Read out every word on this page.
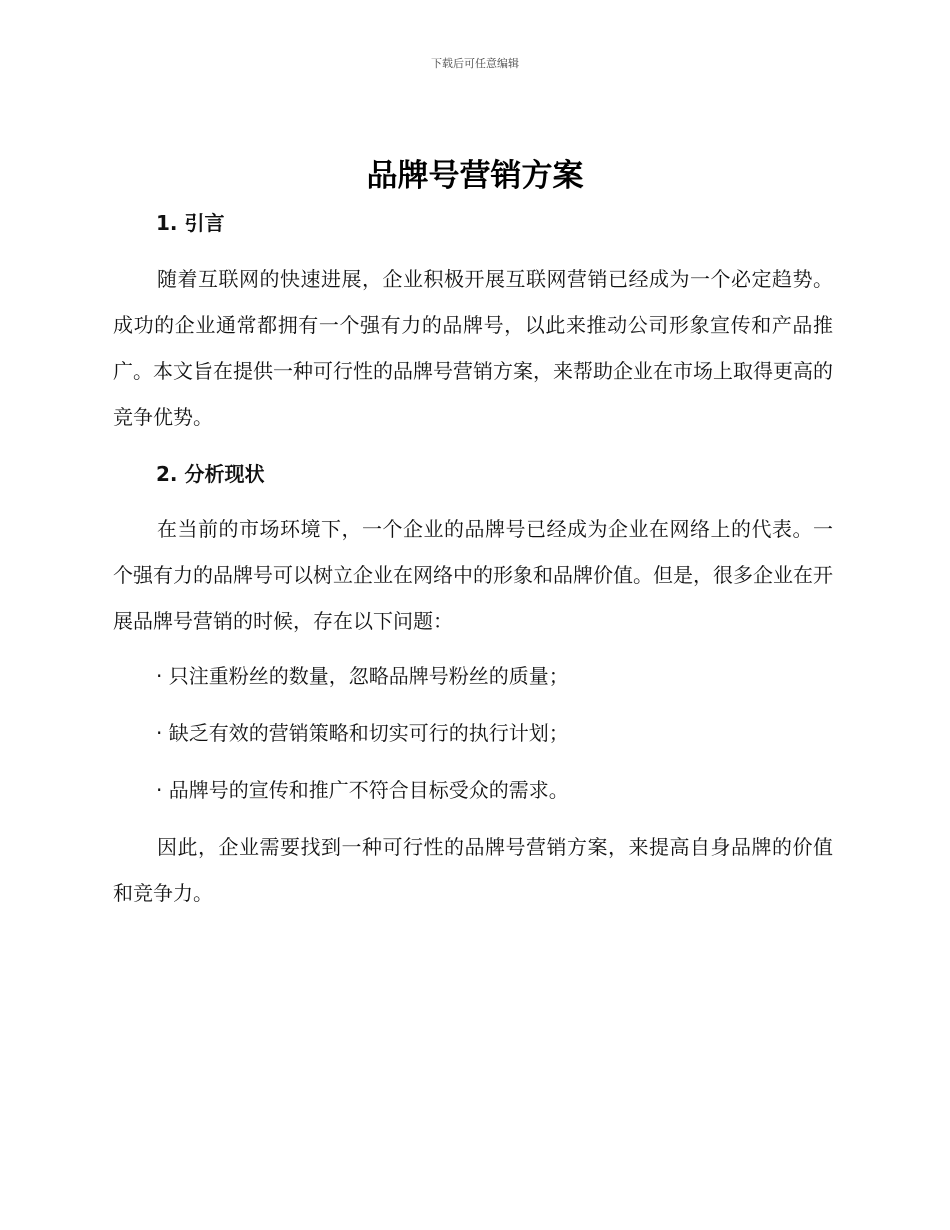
下载后可任意编辑
品牌号营销方案
1. 引言
随着互联网的快速进展，企业积极开展互联网营销已经成为一个必定趋势。成功的企业通常都拥有一个强有力的品牌号，以此来推动公司形象宣传和产品推广。本文旨在提供一种可行性的品牌号营销方案，来帮助企业在市场上取得更高的竞争优势。
2. 分析现状
在当前的市场环境下，一个企业的品牌号已经成为企业在网络上的代表。一个强有力的品牌号可以树立企业在网络中的形象和品牌价值。但是，很多企业在开展品牌号营销的时候，存在以下问题：
· 只注重粉丝的数量，忽略品牌号粉丝的质量；
· 缺乏有效的营销策略和切实可行的执行计划；
· 品牌号的宣传和推广不符合目标受众的需求。
因此，企业需要找到一种可行性的品牌号营销方案，来提高自身品牌的价值和竞争力。
